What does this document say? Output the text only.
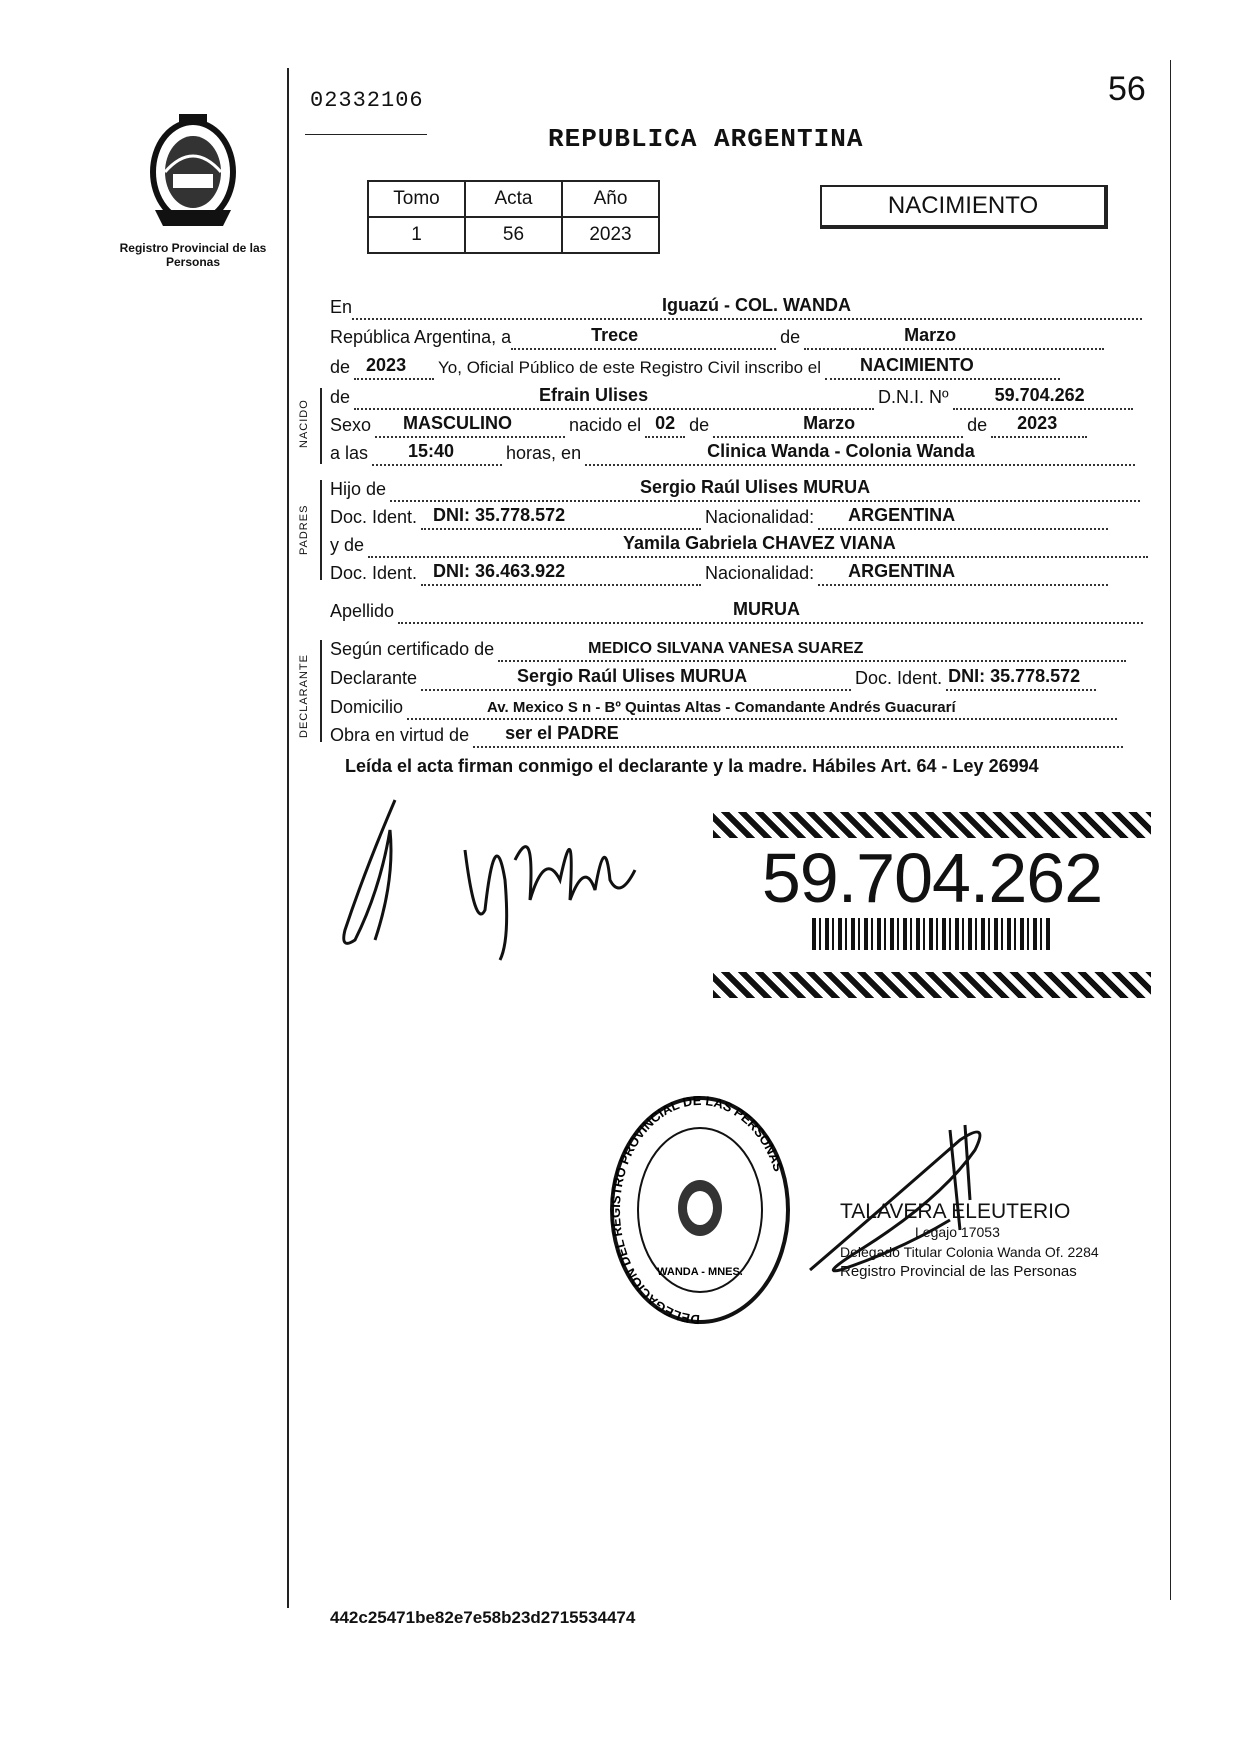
02332106	56
REPUBLICA ARGENTINA
Registro Provincial de las Personas
Tomo	Acta	Año
1	56	2023
NACIMIENTO
En	Iguazú - COL. WANDA
República Argentina, a	Trece	de	Marzo
de 2023 Yo, Oficial Público de este Registro Civil inscribo el NACIMIENTO
NACIDO
de	Efrain Ulises	D.N.I. Nº	59.704.262
Sexo MASCULINO	nacido el 02 de	Marzo	de 2023
a las 15:40	horas, en	Clinica Wanda - Colonia Wanda
PADRES
Hijo de	Sergio Raúl Ulises MURUA
Doc. Ident. DNI: 35.778.572	Nacionalidad: ARGENTINA
y de	Yamila Gabriela CHAVEZ VIANA
Doc. Ident. DNI: 36.463.922	Nacionalidad: ARGENTINA
Apellido	MURUA
DECLARANTE
Según certificado de	MEDICO SILVANA VANESA SUAREZ
Declarante	Sergio Raúl Ulises MURUA	Doc. Ident. DNI: 35.778.572
Domicilio	Av. Mexico S n - Bº Quintas Altas - Comandante Andrés Guacurarí
Obra en virtud de ser el PADRE
Leída el acta firman conmigo el declarante y la madre. Hábiles Art. 64 - Ley 26994
59.704.262
DELEGACION DEL REGISTRO PROVINCIAL DE LAS PERSONAS
WANDA - MNES.
TALAVERA ELEUTERIO
Legajo 17053
Delegado Titular Colonia Wanda Of. 2284
Registro Provincial de las Personas
442c25471be82e7e58b23d2715534474
